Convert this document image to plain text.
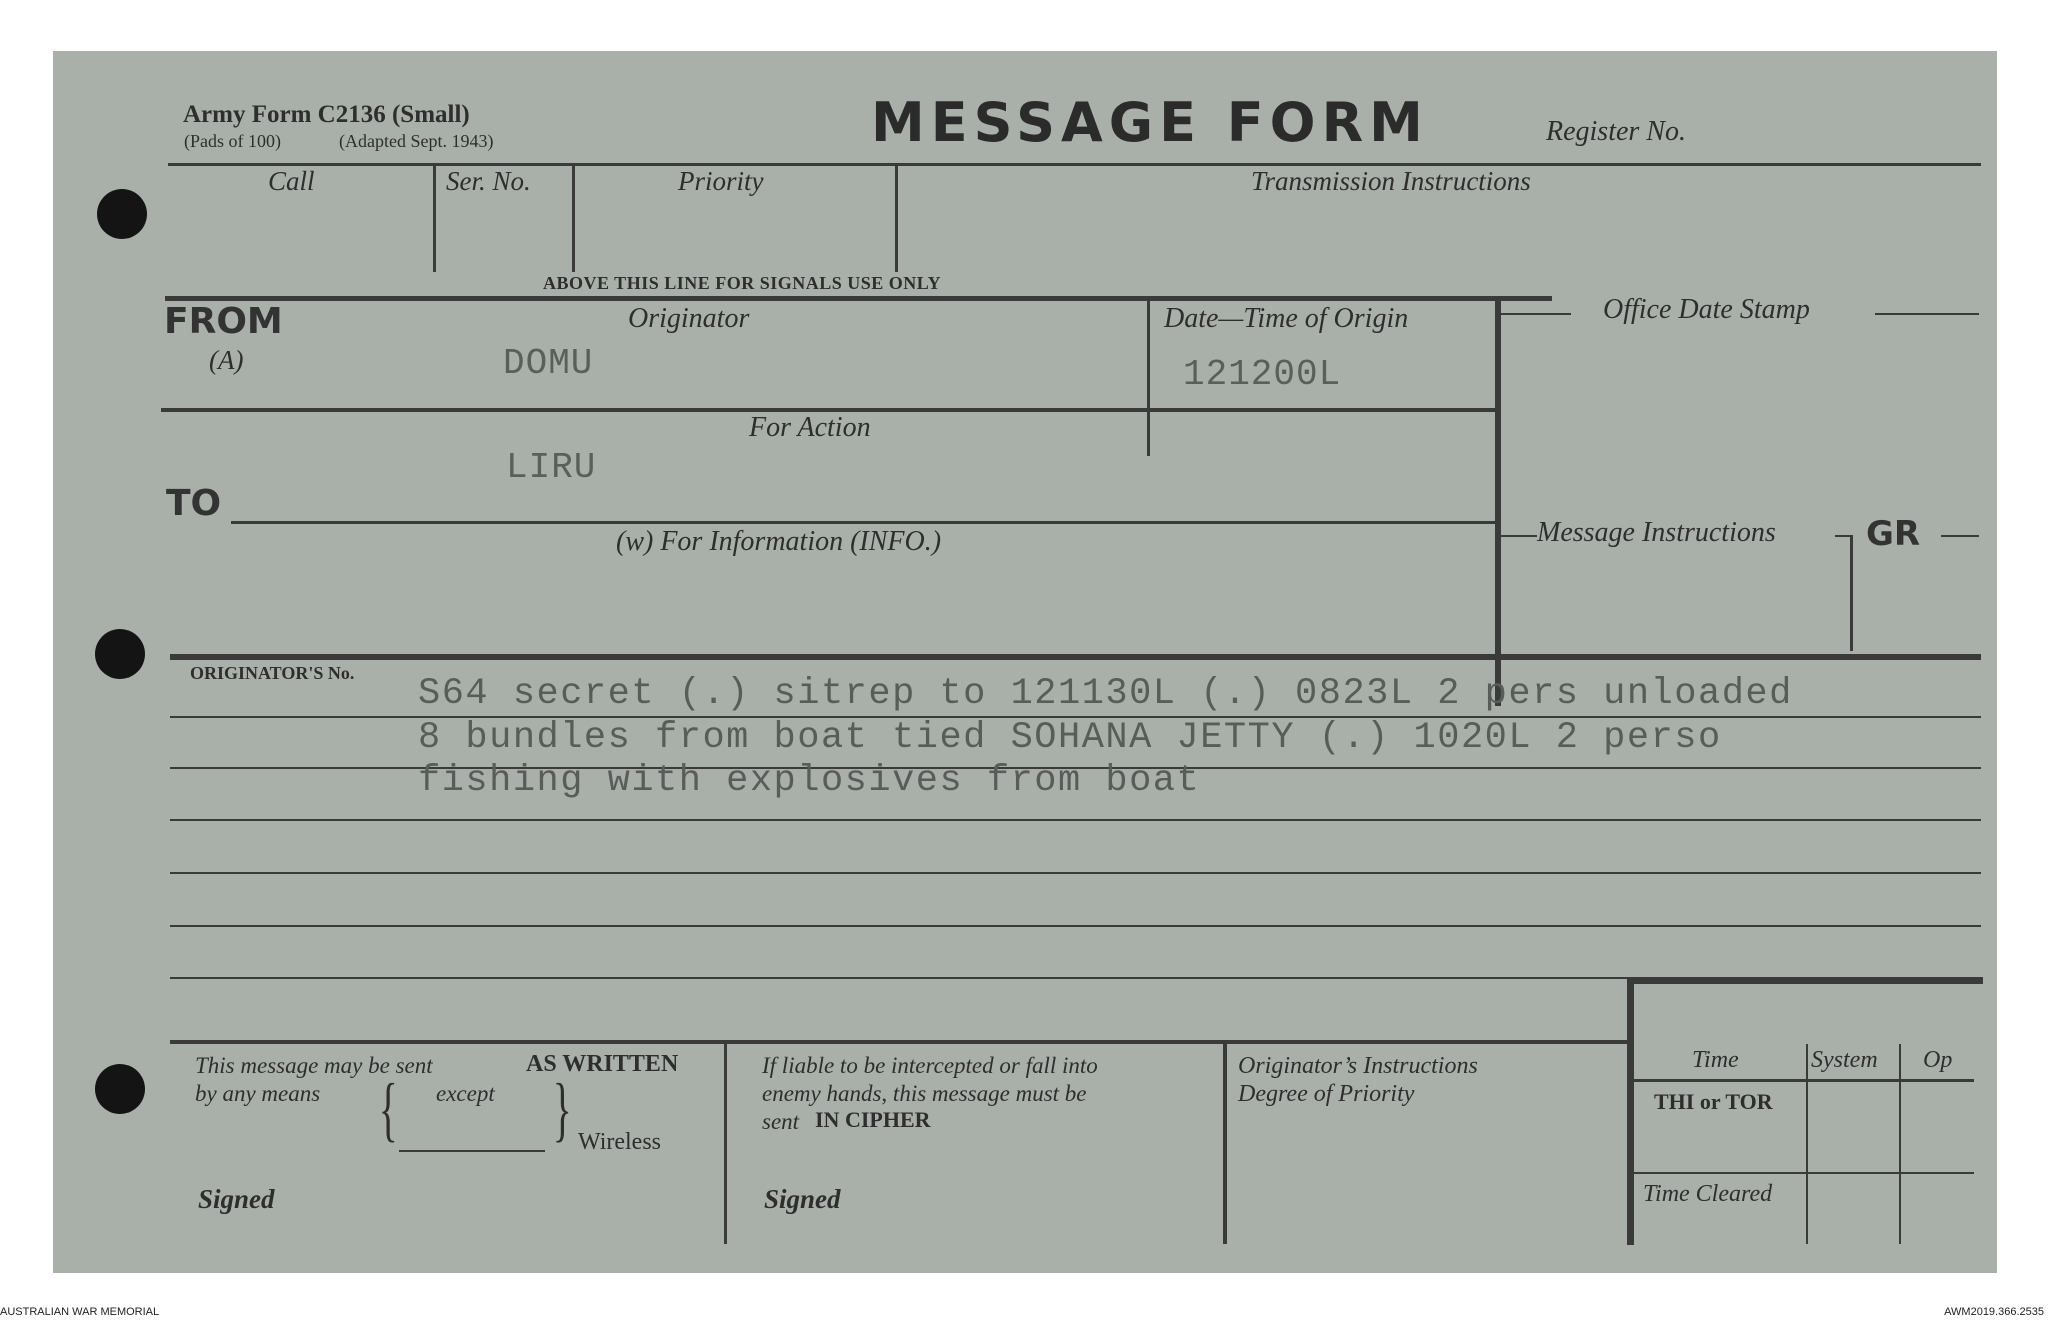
Army Form C2136 (Small)
(Pads of 100)	(Adapted Sept. 1943)	MESSAGE FORM	Register No.
Call	Ser. No.	Priority	Transmission Instructions
ABOVE THIS LINE FOR SIGNALS USE ONLY
FROM
(A)
Originator
DOMU
Date—Time of Origin
121200L
Office Date Stamp
For Action
LIRU
TO
(w) For Information (INFO.)	Message Instructions	GR
ORIGINATOR'S No. S64 secret (.) sitrep to 121130L (.) 0823L 2 pers unloaded
8 bundles from boat tied SOHANA JETTY (.) 1020L 2 perso
fishing with explosives from boat
This message may be sent	AS WRITTEN
by any means	except
{ } Wireless
Signed
If liable to be intercepted or fall into
enemy hands, this message must be
sent IN CIPHER
Signed
Originator’s Instructions
Degree of Priority
Time	System Op
THI or TOR
Time Cleared
AUSTRALIAN WAR MEMORIAL	AWM2019.366.2535
